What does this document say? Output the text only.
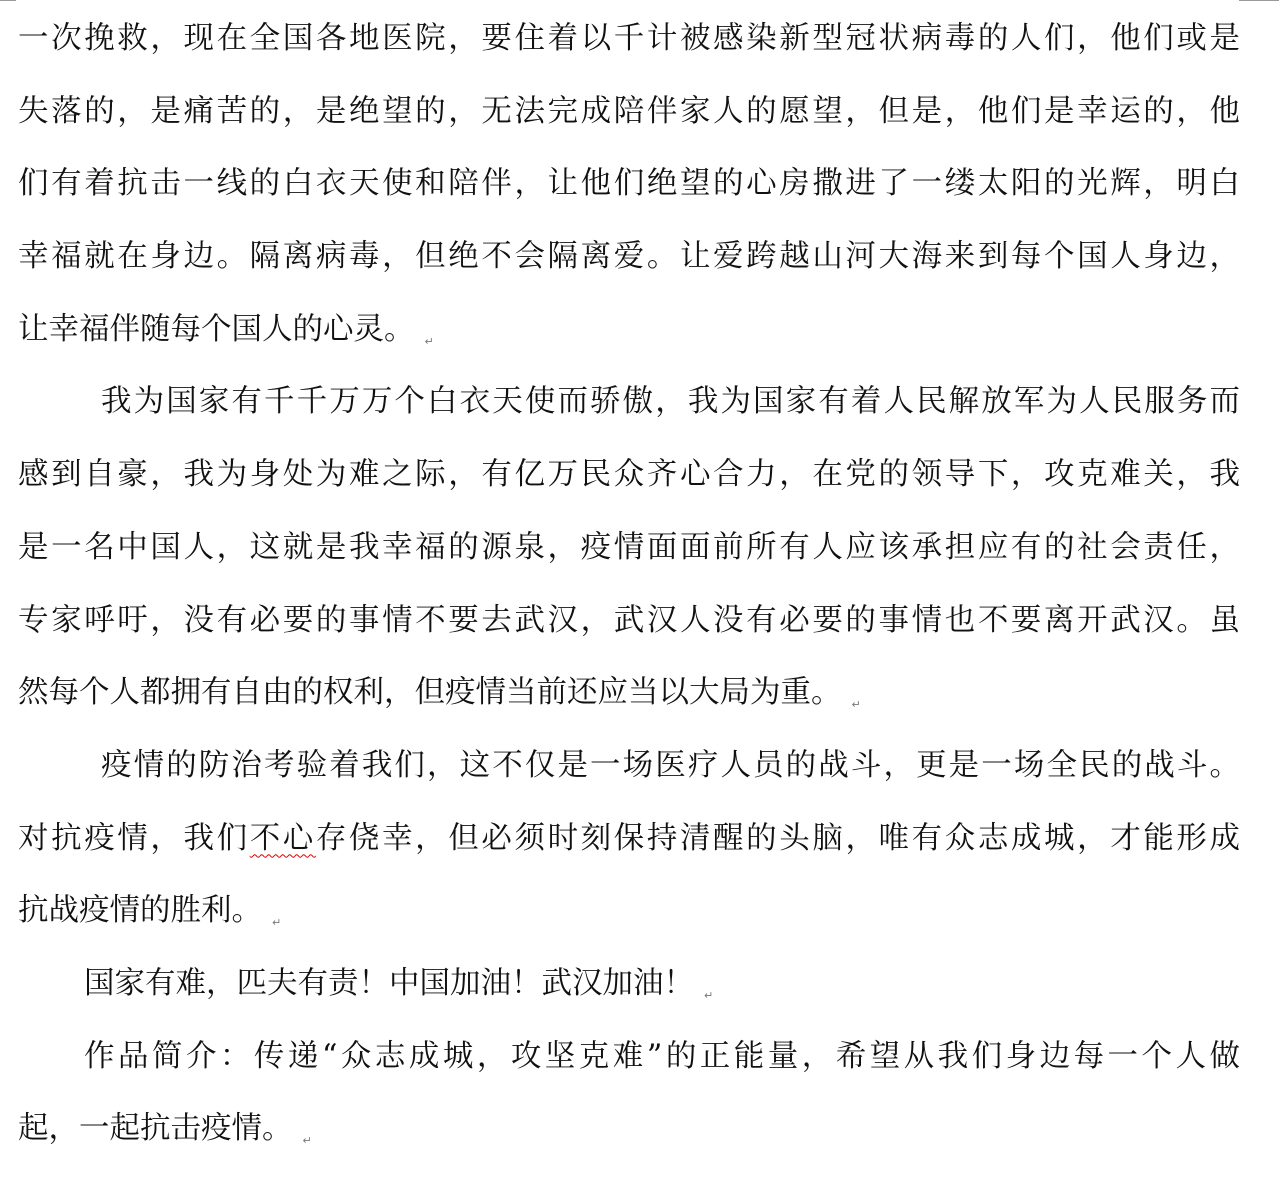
一次挽救，现在全国各地医院，要住着以千计被感染新型冠状病毒的人们，他们或是
失落的，是痛苦的，是绝望的，无法完成陪伴家人的愿望，但是，他们是幸运的，他
们有着抗击一线的白衣天使和陪伴，让他们绝望的心房撒进了一缕太阳的光辉，明白
幸福就在身边。隔离病毒，但绝不会隔离爱。让爱跨越山河大海来到每个国人身边，
让幸福伴随每个国人的心灵。 ↵
我为国家有千千万万个白衣天使而骄傲，我为国家有着人民解放军为人民服务而
感到自豪，我为身处为难之际，有亿万民众齐心合力，在党的领导下，攻克难关，我
是一名中国人，这就是我幸福的源泉，疫情面面前所有人应该承担应有的社会责任，
专家呼吁，没有必要的事情不要去武汉，武汉人没有必要的事情也不要离开武汉。虽
然每个人都拥有自由的权利，但疫情当前还应当以大局为重。 ↵
疫情的防治考验着我们，这不仅是一场医疗人员的战斗，更是一场全民的战斗。
对抗疫情，我们不心存侥幸，但必须时刻保持清醒的头脑，唯有众志成城，才能形成
抗战疫情的胜利。 ↵
国家有难，匹夫有责！中国加油！武汉加油！ ↵
作品简介：传递“众志成城，攻坚克难”的正能量，希望从我们身边每一个人做
起，一起抗击疫情。 ↵
